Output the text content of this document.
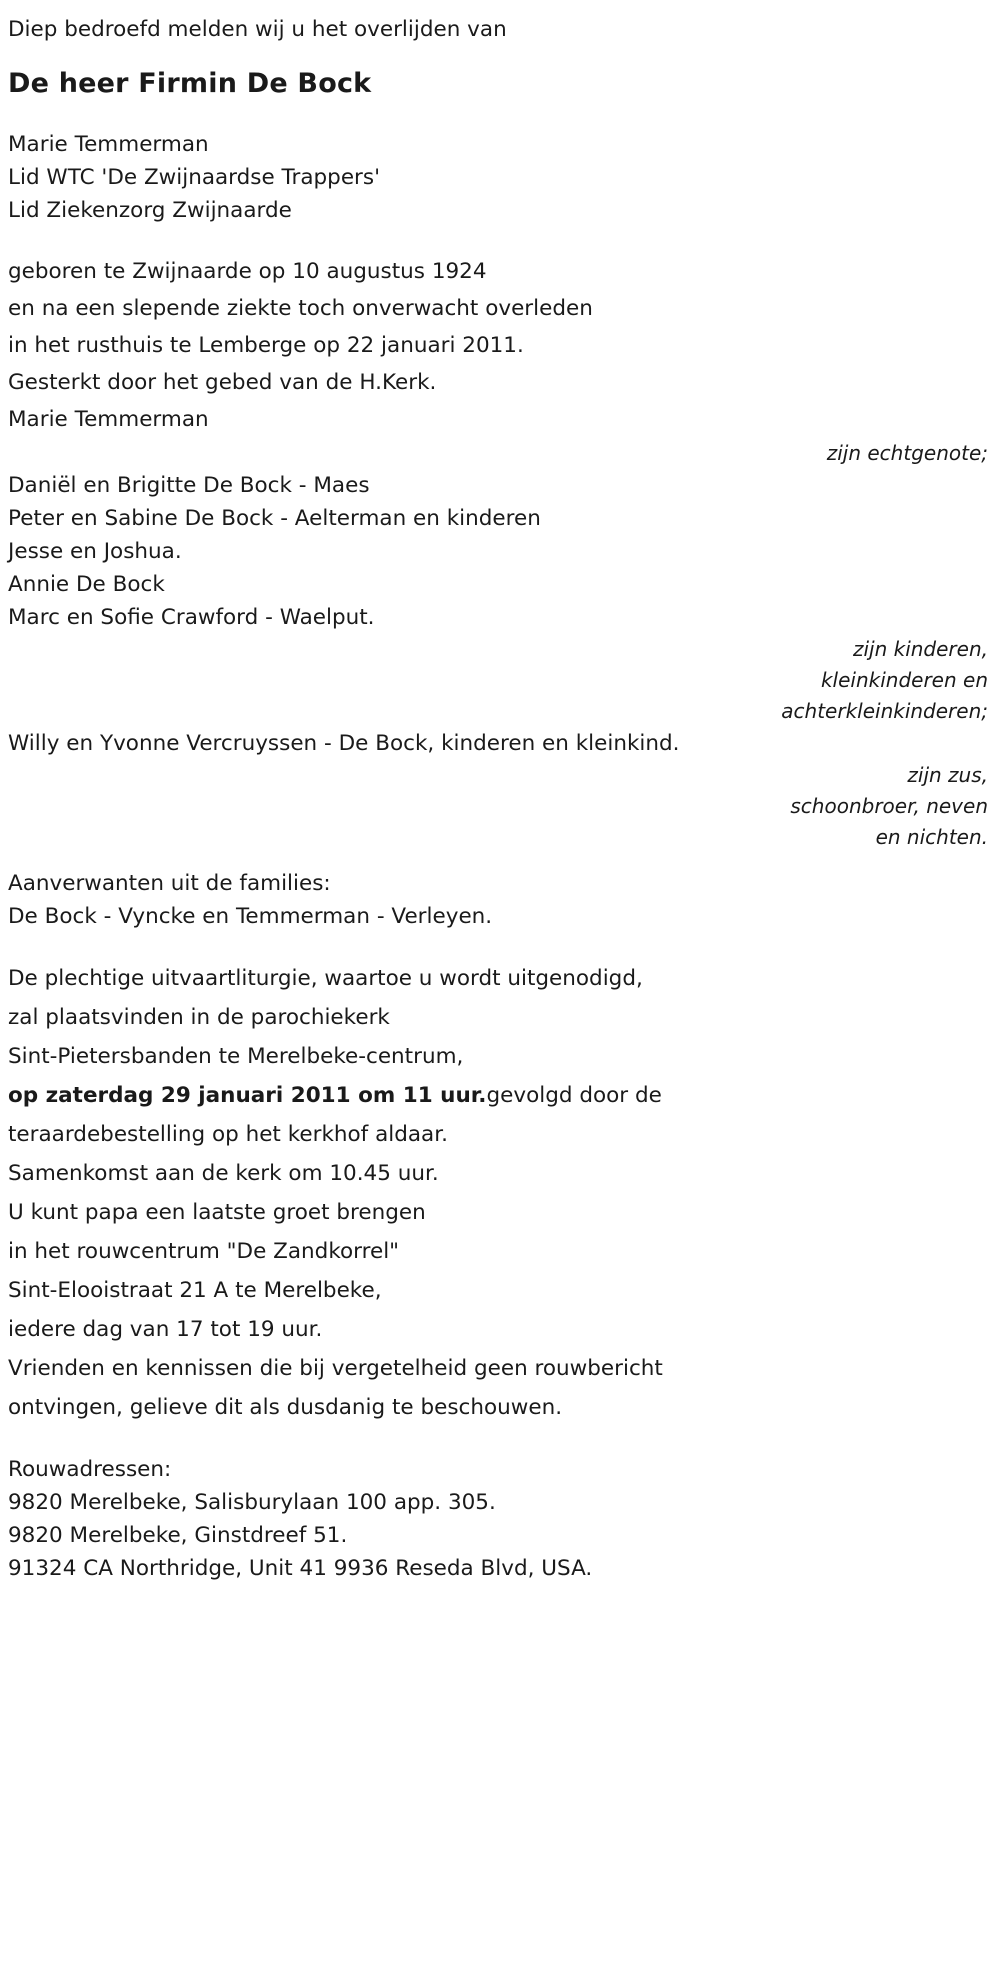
Diep bedroefd melden wij u het overlijden van
De heer Firmin De Bock
Marie Temmerman
Lid WTC 'De Zwijnaardse Trappers'
Lid Ziekenzorg Zwijnaarde
geboren te Zwijnaarde op 10 augustus 1924
en na een slepende ziekte toch onverwacht overleden
in het rusthuis te Lemberge op 22 januari 2011.
Gesterkt door het gebed van de H.Kerk.
Marie Temmerman
zijn echtgenote;
Daniël en Brigitte De Bock - Maes
Peter en Sabine De Bock - Aelterman en kinderen
Jesse en Joshua.
Annie De Bock
Marc en Sofie Crawford - Waelput.
zijn kinderen,
kleinkinderen en
achterkleinkinderen;
Willy en Yvonne Vercruyssen - De Bock, kinderen en kleinkind.
zijn zus,
schoonbroer, neven
en nichten.
Aanverwanten uit de families:
De Bock - Vyncke en Temmerman - Verleyen.
De plechtige uitvaartliturgie, waartoe u wordt uitgenodigd,
zal plaatsvinden in de parochiekerk
Sint-Pietersbanden te Merelbeke-centrum,
op zaterdag 29 januari 2011 om 11 uur.gevolgd door de
teraardebestelling op het kerkhof aldaar.
Samenkomst aan de kerk om 10.45 uur.
U kunt papa een laatste groet brengen
in het rouwcentrum "De Zandkorrel"
Sint-Elooistraat 21 A te Merelbeke,
iedere dag van 17 tot 19 uur.
Vrienden en kennissen die bij vergetelheid geen rouwbericht
ontvingen, gelieve dit als dusdanig te beschouwen.
Rouwadressen:
9820 Merelbeke, Salisburylaan 100 app. 305.
9820 Merelbeke, Ginstdreef 51.
91324 CA Northridge, Unit 41 9936 Reseda Blvd, USA.
